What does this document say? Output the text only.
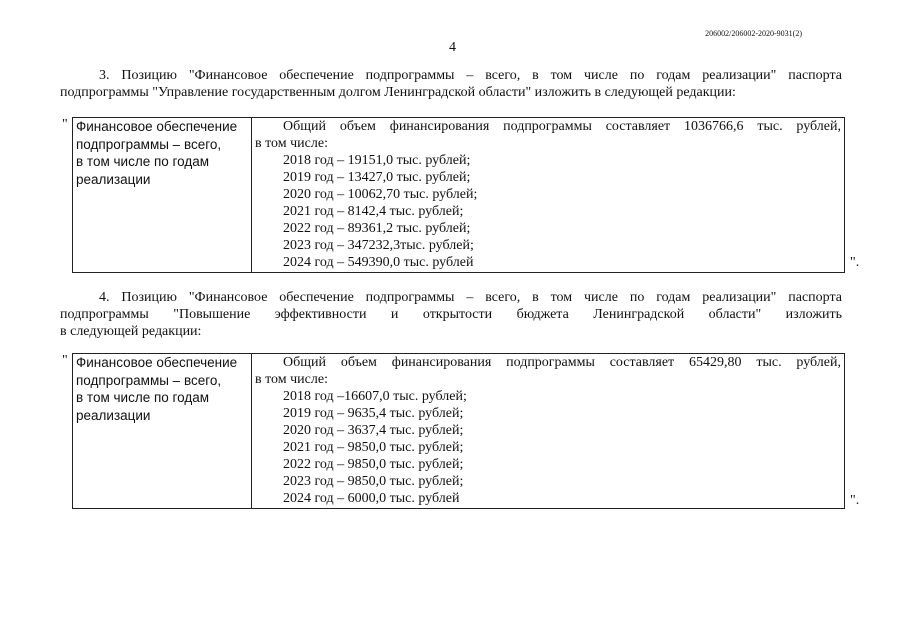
206002/206002-2020-9031(2)
4
3. Позицию "Финансовое обеспечение подпрограммы – всего, в том числе по годам реализации" паспорта
подпрограммы "Управление государственным долгом Ленинградской области" изложить в следующей редакции:
" Финансовое обеспечение
подпрограммы – всего,
в том числе по годам
реализации

Общий объем финансирования подпрограммы составляет 1036766,6 тыс. рублей,
в том числе:
2018 год – 19151,0 тыс. рублей;
2019 год – 13427,0 тыс. рублей;
2020 год – 10062,70 тыс. рублей;
2021 год – 8142,4 тыс. рублей;
2022 год – 89361,2 тыс. рублей;
2023 год – 347232,3тыс. рублей;
2024 год – 549390,0 тыс. рублей	".
4. Позицию "Финансовое обеспечение подпрограммы – всего, в том числе по годам реализации" паспорта
подпрограммы "Повышение эффективности и открытости бюджета Ленинградской области" изложить
в следующей редакции:
" Финансовое обеспечение
подпрограммы – всего,
в том числе по годам
реализации

Общий объем финансирования подпрограммы составляет 65429,80 тыс. рублей,
в том числе:
2018 год –16607,0 тыс. рублей;
2019 год – 9635,4 тыс. рублей;
2020 год – 3637,4 тыс. рублей;
2021 год – 9850,0 тыс. рублей;
2022 год – 9850,0 тыс. рублей;
2023 год – 9850,0 тыс. рублей;
2024 год – 6000,0 тыс. рублей	".
